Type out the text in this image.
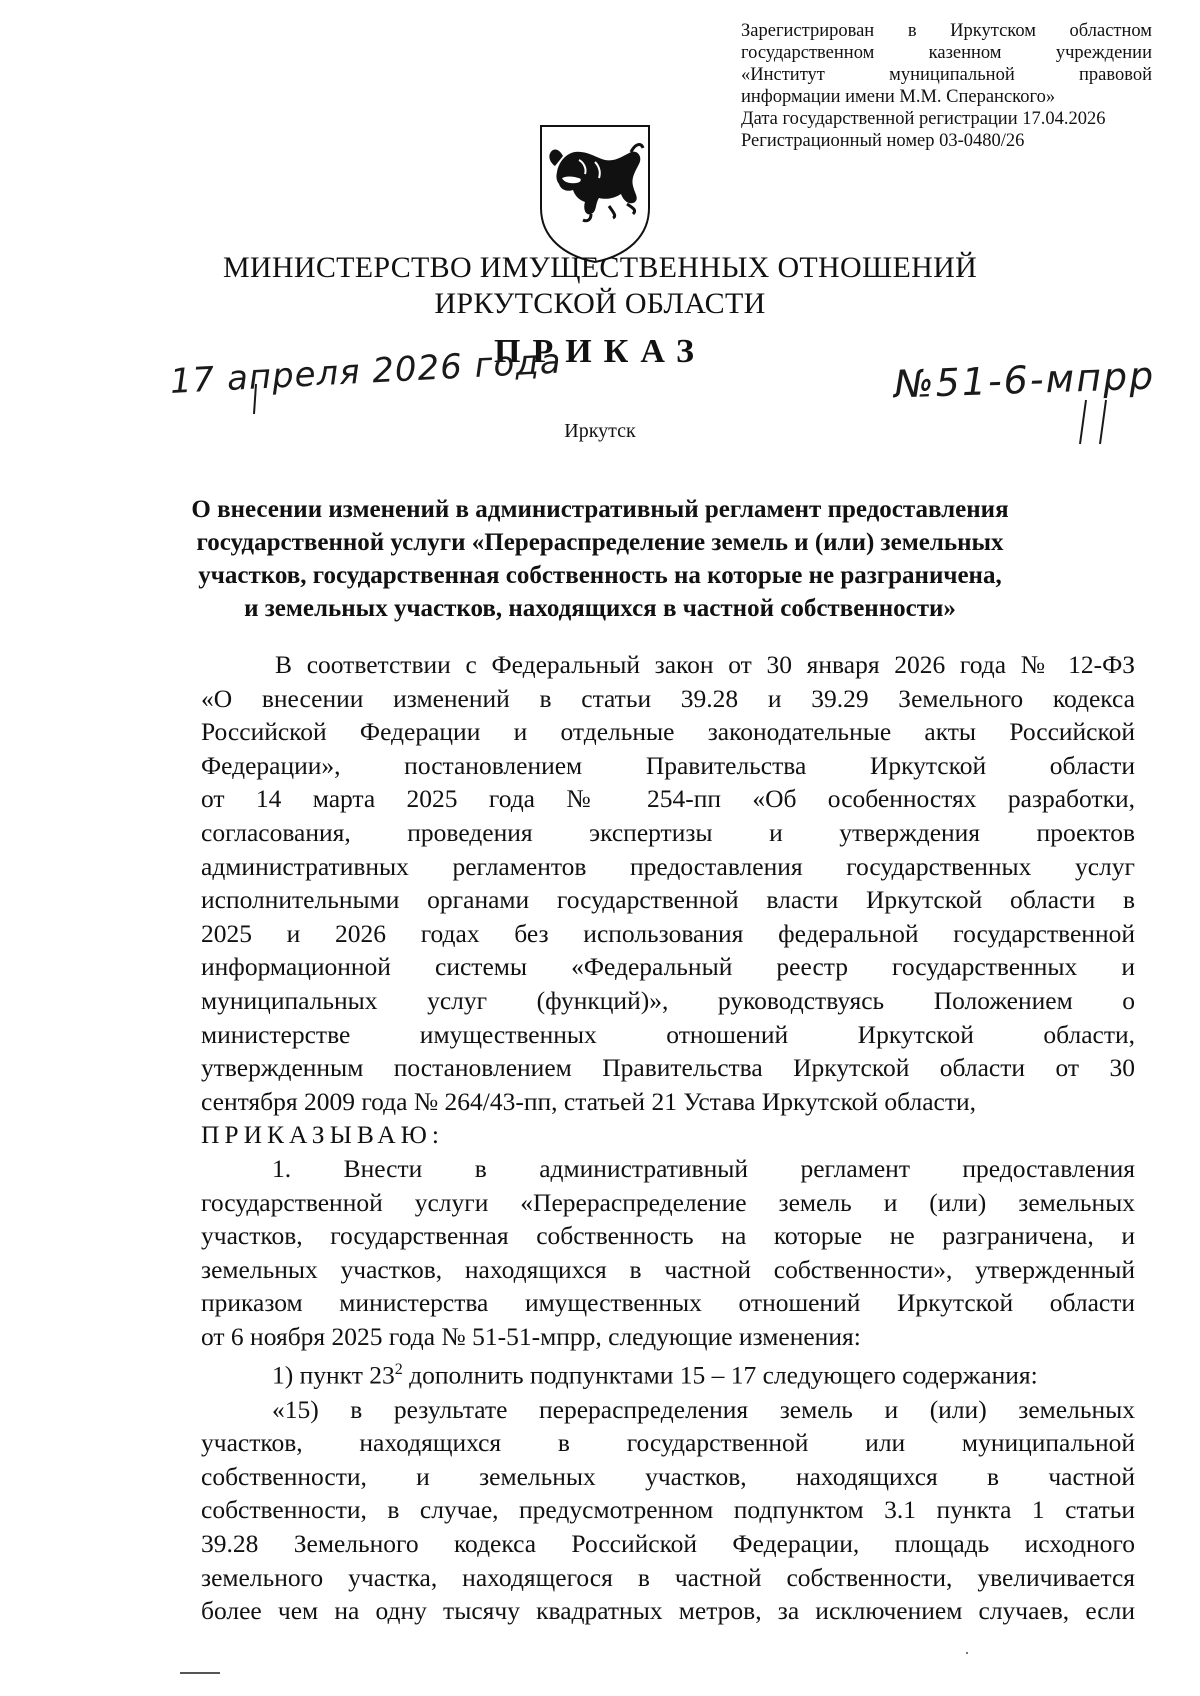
Зарегистрирован в Иркутском областном
государственном казенном учреждении
«Институт муниципальной правовой
информации имени М.М. Сперанского»
Дата государственной регистрации 17.04.2026
Регистрационный номер 03-0480/26
МИНИСТЕРСТВО ИМУЩЕСТВЕННЫХ ОТНОШЕНИЙ
ИРКУТСКОЙ ОБЛАСТИ
ПРИКАЗ
17 апреля 2026 года	№51-6-мпрр
Иркутск
О внесении изменений в административный регламент предоставления
государственной услуги «Перераспределение земель и (или) земельных
участков, государственная собственность на которые не разграничена,
и земельных участков, находящихся в частной собственности»
В соответствии с Федеральный закон от 30 января 2026 года № 12-ФЗ
«О внесении изменений в статьи 39.28 и 39.29 Земельного кодекса
Российской Федерации и отдельные законодательные акты Российской
Федерации», постановлением Правительства Иркутской области
от 14 марта 2025 года № 254-пп «Об особенностях разработки,
согласования, проведения экспертизы и утверждения проектов
административных регламентов предоставления государственных услуг
исполнительными органами государственной власти Иркутской области в
2025 и 2026 годах без использования федеральной государственной
информационной системы «Федеральный реестр государственных и
муниципальных услуг (функций)», руководствуясь Положением о
министерстве имущественных отношений Иркутской области,
утвержденным постановлением Правительства Иркутской области от 30
сентября 2009 года № 264/43-пп, статьей 21 Устава Иркутской области,
ПРИКАЗЫВАЮ:
1. Внести в административный регламент предоставления
государственной услуги «Перераспределение земель и (или) земельных
участков, государственная собственность на которые не разграничена, и
земельных участков, находящихся в частной собственности», утвержденный
приказом министерства имущественных отношений Иркутской области
от 6 ноября 2025 года № 51-51-мпрр, следующие изменения:
1) пункт $23^2$ дополнить подпунктами 15 – 17 следующего содержания:
«15) в результате перераспределения земель и (или) земельных
участков, находящихся в государственной или муниципальной
собственности, и земельных участков, находящихся в частной
собственности, в случае, предусмотренном подпунктом 3.1 пункта 1 статьи
39.28 Земельного кодекса Российской Федерации, площадь исходного
земельного участка, находящегося в частной собственности, увеличивается
более чем на одну тысячу квадратных метров, за исключением случаев, если
